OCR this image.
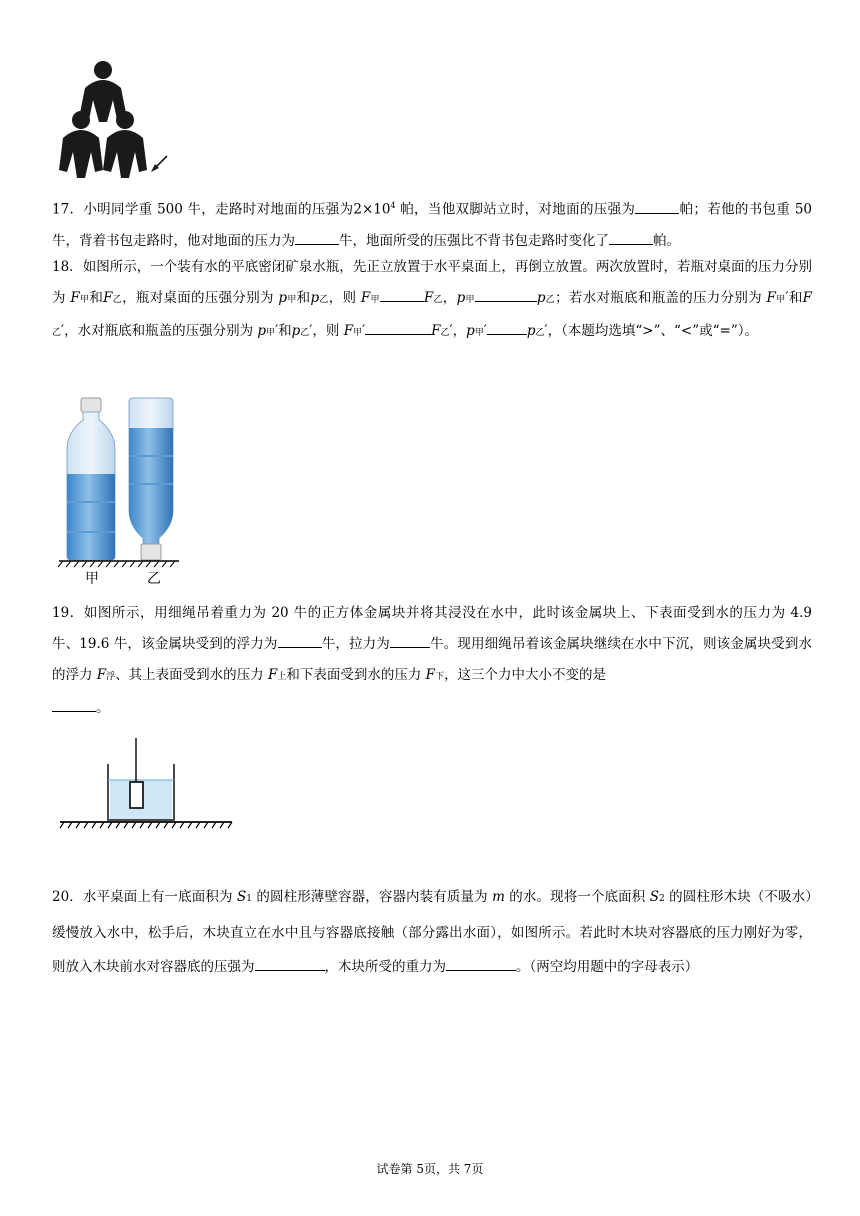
17．小明同学重 500 牛，走路时对地面的压强为$2\times 10^4$ 帕，当他双脚站立时，对地面的压强为	帕；若他的书包重 50 牛，背着书包走路时，他对地面的压力为	牛，地面所受的压强比不背书包走路时变化了	帕。

18．如图所示，一个装有水的平底密闭矿泉水瓶，先正立放置于水平桌面上，再倒立放置。两次放置时，若瓶对桌面的压力分别为 F甲和F乙，瓶对桌面的压强分别为 p甲和p乙，则 F甲	F乙，p甲	p乙；若水对瓶底和瓶盖的压力分别为 F甲′和F乙′，水对瓶底和瓶盖的压强分别为 p甲′和p乙′，则 F甲′	F乙′，p甲′	p乙′，（本题均选填“>”、“<”或“=”）。

甲	乙

19．如图所示，用细绳吊着重力为 20 牛的正方体金属块并将其浸没在水中，此时该金属块上、下表面受到水的压力为 4.9 牛、19.6 牛，该金属块受到的浮力为	牛，拉力为	牛。现用细绳吊着该金属块继续在水中下沉，则该金属块受到水的浮力 F浮、其上表面受到水的压力 F上和下表面受到水的压力 F下，这三个力中大小不变的是
。

20．水平桌面上有一底面积为 S1 的圆柱形薄壁容器，容器内装有质量为 m 的水。现将一个底面积 S2 的圆柱形木块（不吸水）缓慢放入水中，松手后，木块直立在水中且与容器底接触（部分露出水面），如图所示。若此时木块对容器底的压力刚好为零，则放入木块前水对容器底的压强为	，木块所受的重力为	。（两空均用题中的字母表示）

试卷第 5页，共 7页
